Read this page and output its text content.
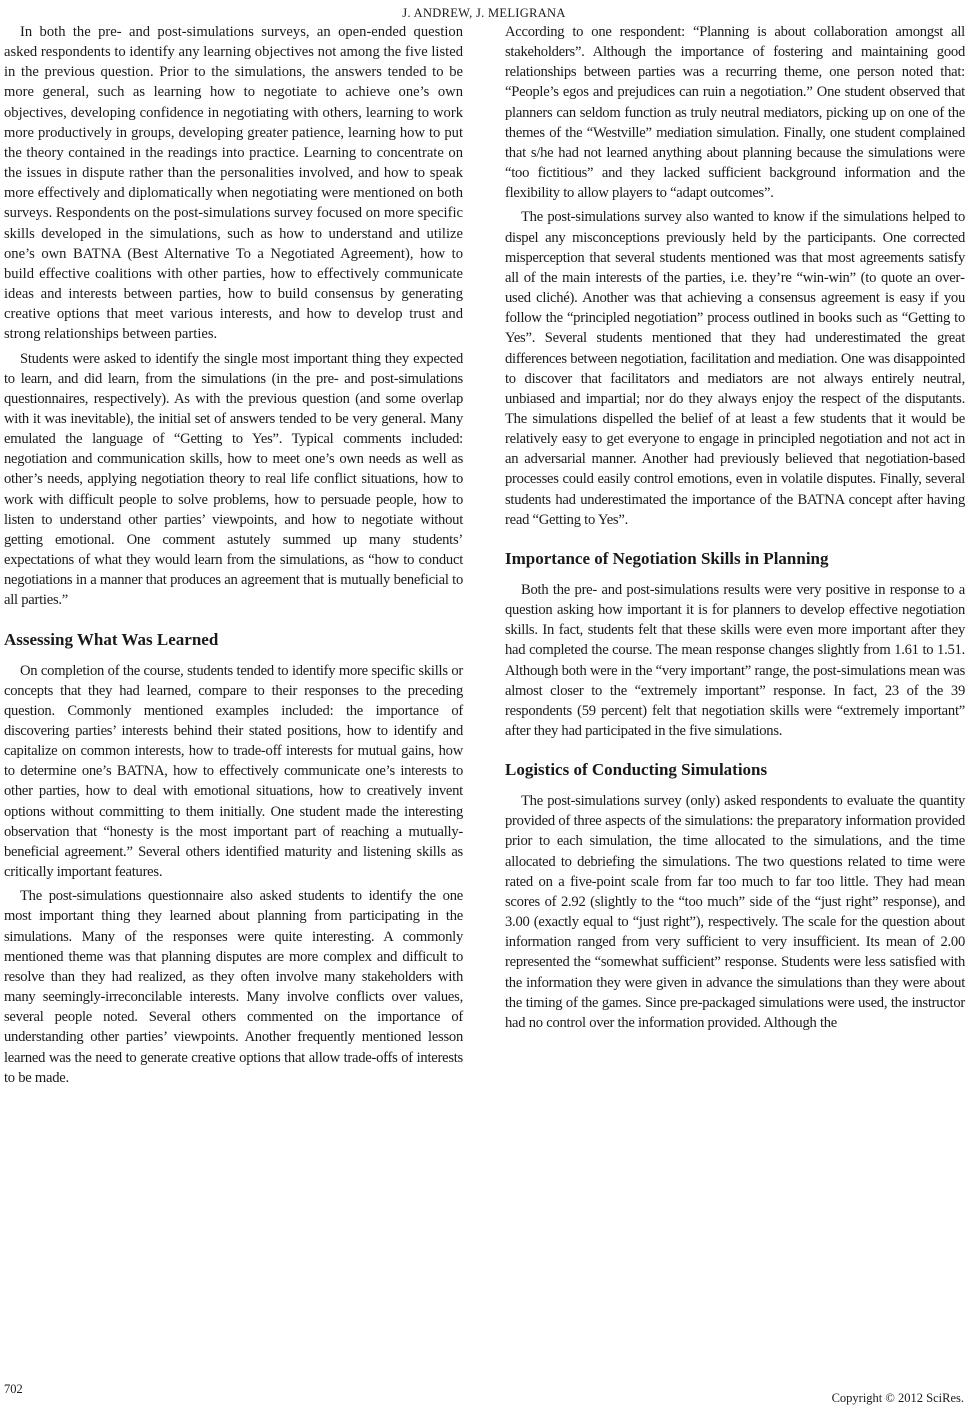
J. ANDREW, J. MELIGRANA

In both the pre- and post-simulations surveys, an open-ended question asked respondents to identify any learning objectives not among the five listed in the previous question. Prior to the simulations, the answers tended to be more general, such as learning how to negotiate to achieve one’s own objectives, developing confidence in negotiating with others, learning to work more productively in groups, developing greater patience, learning how to put the theory contained in the readings into practice. Learning to concentrate on the issues in dispute rather than the personalities involved, and how to speak more effectively and diplomatically when negotiating were mentioned on both surveys. Respondents on the post-simulations survey focused on more specific skills developed in the simulations, such as how to understand and utilize one’s own BATNA (Best Alternative To a Negotiated Agreement), how to build effective coalitions with other parties, how to effectively communicate ideas and interests between parties, how to build consensus by generating creative options that meet various interests, and how to develop trust and strong relationships between parties.

Students were asked to identify the single most important thing they expected to learn, and did learn, from the simulations (in the pre- and post-simulations questionnaires, respectively). As with the previous question (and some overlap with it was inevitable), the initial set of answers tended to be very general. Many emulated the language of “Getting to Yes”. Typical comments included: negotiation and communication skills, how to meet one’s own needs as well as other’s needs, applying negotiation theory to real life conflict situations, how to work with difficult people to solve problems, how to persuade people, how to listen to understand other parties’ viewpoints, and how to negotiate without getting emotional. One comment astutely summed up many students’ expectations of what they would learn from the simulations, as “how to conduct negotiations in a manner that produces an agreement that is mutually beneficial to all parties.”

Assessing What Was Learned

On completion of the course, students tended to identify more specific skills or concepts that they had learned, compare to their responses to the preceding question. Commonly mentioned examples included: the importance of discovering parties’ interests behind their stated positions, how to identify and capitalize on common interests, how to trade-off interests for mutual gains, how to determine one’s BATNA, how to effectively communicate one’s interests to other parties, how to deal with emotional situations, how to creatively invent options without committing to them initially. One student made the interesting observation that “honesty is the most important part of reaching a mutually-beneficial agreement.” Several others identified maturity and listening skills as critically important features.

The post-simulations questionnaire also asked students to identify the one most important thing they learned about planning from participating in the simulations. Many of the responses were quite interesting. A commonly mentioned theme was that planning disputes are more complex and difficult to resolve than they had realized, as they often involve many stakeholders with many seemingly-irreconcilable interests. Many involve conflicts over values, several people noted. Several others commented on the importance of understanding other parties’ viewpoints. Another frequently mentioned lesson learned was the need to generate creative options that allow trade-offs of interests to be made.

According to one respondent: “Planning is about collaboration amongst all stakeholders”. Although the importance of fostering and maintaining good relationships between parties was a recurring theme, one person noted that: “People’s egos and prejudices can ruin a negotiation.” One student observed that planners can seldom function as truly neutral mediators, picking up on one of the themes of the “Westville” mediation simulation. Finally, one student complained that s/he had not learned anything about planning because the simulations were “too fictitious” and they lacked sufficient background information and the flexibility to allow players to “adapt outcomes”.

The post-simulations survey also wanted to know if the simulations helped to dispel any misconceptions previously held by the participants. One corrected misperception that several students mentioned was that most agreements satisfy all of the main interests of the parties, i.e. they’re “win-win” (to quote an overused cliché). Another was that achieving a consensus agreement is easy if you follow the “principled negotiation” process outlined in books such as “Getting to Yes”. Several students mentioned that they had underestimated the great differences between negotiation, facilitation and mediation. One was disappointed to discover that facilitators and mediators are not always entirely neutral, unbiased and impartial; nor do they always enjoy the respect of the disputants. The simulations dispelled the belief of at least a few students that it would be relatively easy to get everyone to engage in principled negotiation and not act in an adversarial manner. Another had previously believed that negotiation-based processes could easily control emotions, even in volatile disputes. Finally, several students had underestimated the importance of the BATNA concept after having read “Getting to Yes”.

Importance of Negotiation Skills in Planning

Both the pre- and post-simulations results were very positive in response to a question asking how important it is for planners to develop effective negotiation skills. In fact, students felt that these skills were even more important after they had completed the course. The mean response changes slightly from 1.61 to 1.51. Although both were in the “very important” range, the post-simulations mean was almost closer to the “extremely important” response. In fact, 23 of the 39 respondents (59 percent) felt that negotiation skills were “extremely important” after they had participated in the five simulations.

Logistics of Conducting Simulations

The post-simulations survey (only) asked respondents to evaluate the quantity provided of three aspects of the simulations: the preparatory information provided prior to each simulation, the time allocated to the simulations, and the time allocated to debriefing the simulations. The two questions related to time were rated on a five-point scale from far too much to far too little. They had mean scores of 2.92 (slightly to the “too much” side of the “just right” response), and 3.00 (exactly equal to “just right”), respectively. The scale for the question about information ranged from very sufficient to very insufficient. Its mean of 2.00 represented the “somewhat sufficient” response. Students were less satisfied with the information they were given in advance the simulations than they were about the timing of the games. Since pre-packaged simulations were used, the instructor had no control over the information provided. Although the

702
Copyright © 2012 SciRes.
